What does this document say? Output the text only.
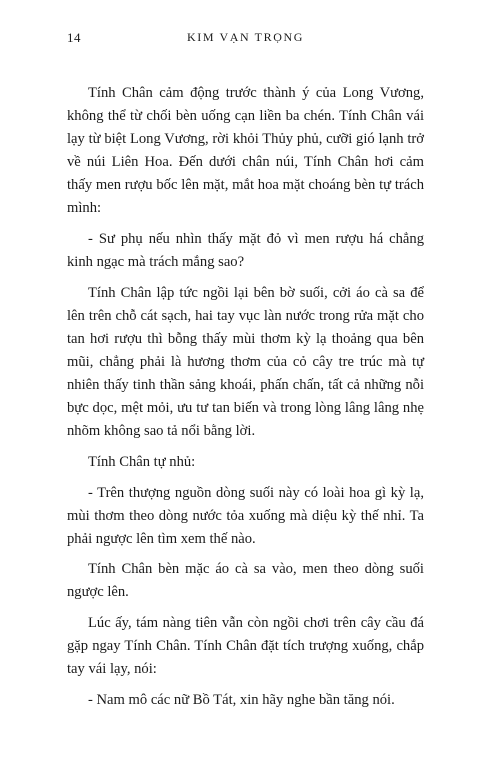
14	KIM VẠN TRỌNG

Tính Chân cảm động trước thành ý của Long Vương, không thể từ chối bèn uống cạn liền ba chén. Tính Chân vái lạy từ biệt Long Vương, rời khỏi Thủy phủ, cưỡi gió lạnh trở về núi Liên Hoa. Đến dưới chân núi, Tính Chân hơi cảm thấy men rượu bốc lên mặt, mắt hoa mặt choáng bèn tự trách mình:

- Sư phụ nếu nhìn thấy mặt đỏ vì men rượu há chẳng kinh ngạc mà trách mắng sao?

Tính Chân lập tức ngồi lại bên bờ suối, cởi áo cà sa để lên trên chỗ cát sạch, hai tay vục làn nước trong rửa mặt cho tan hơi rượu thì bỗng thấy mùi thơm kỳ lạ thoảng qua bên mũi, chẳng phải là hương thơm của cỏ cây tre trúc mà tự nhiên thấy tinh thần sảng khoái, phấn chấn, tất cả những nỗi bực dọc, mệt mỏi, ưu tư tan biến và trong lòng lâng lâng nhẹ nhõm không sao tả nổi bằng lời.

Tính Chân tự nhủ:

- Trên thượng nguồn dòng suối này có loài hoa gì kỳ lạ, mùi thơm theo dòng nước tỏa xuống mà diệu kỳ thế nhỉ. Ta phải ngược lên tìm xem thế nào.

Tính Chân bèn mặc áo cà sa vào, men theo dòng suối ngược lên.

Lúc ấy, tám nàng tiên vẫn còn ngồi chơi trên cây cầu đá gặp ngay Tính Chân. Tính Chân đặt tích trượng xuống, chắp tay vái lạy, nói:

- Nam mô các nữ Bồ Tát, xin hãy nghe bần tăng nói.
